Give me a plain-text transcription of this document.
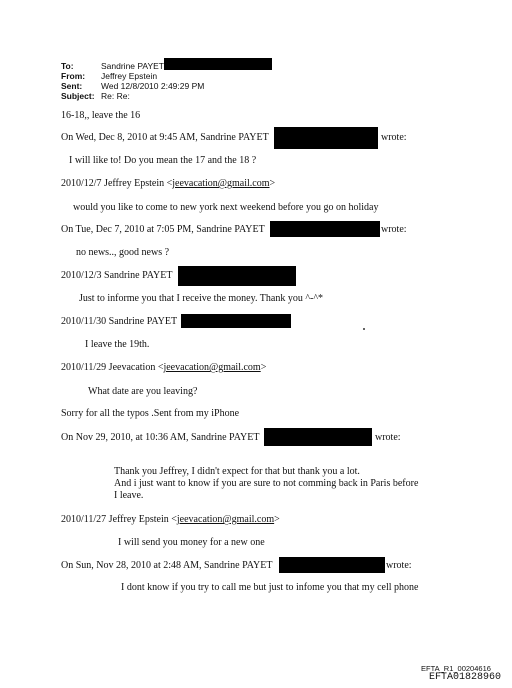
To:	Sandrine PAYET
From: Jeffrey Epstein
Sent: Wed 12/8/2010 2:49:29 PM
Subject: Re: Re:
16-18,, leave the 16
On Wed, Dec 8, 2010 at 9:45 AM, Sandrine PAYET	wrote:
I will like to! Do you mean the 17 and the 18 ?
2010/12/7 Jeffrey Epstein <jeevacation@gmail.com>
would you like to come to new york next weekend before you go on holiday
On Tue, Dec 7, 2010 at 7:05 PM, Sandrine PAYET	wrote:
no news.., good news ?
2010/12/3 Sandrine PAYET
Just to informe you that I receive the money. Thank you ^-^*
2010/11/30 Sandrine PAYET
I leave the 19th.
2010/11/29 Jeevacation <jeevacation@gmail.com>
What date are you leaving?
Sorry for all the typos .Sent from my iPhone
On Nov 29, 2010, at 10:36 AM, Sandrine PAYET	wrote:
Thank you Jeffrey, I didn't expect for that but thank you a lot.
And i just want to know if you are sure to not comming back in Paris before
I leave.
2010/11/27 Jeffrey Epstein <jeevacation@gmail.com>
I will send you money for a new one
On Sun, Nov 28, 2010 at 2:48 AM, Sandrine PAYET	wrote:
I dont know if you try to call me but just to infome you that my cell phone
EFTA_R1_00204616
EFTA01828960
